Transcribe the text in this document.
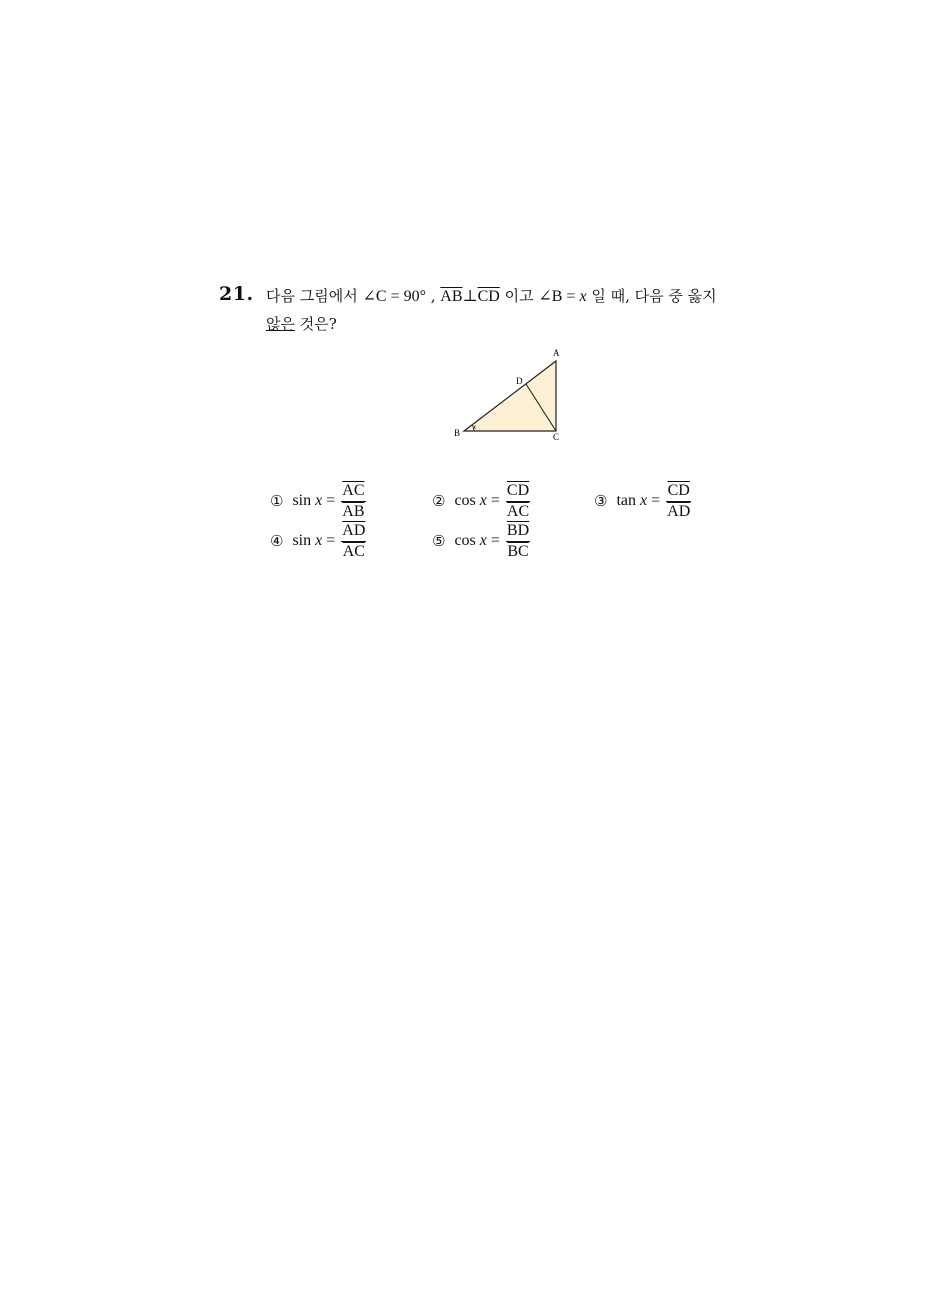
21. 다음 그림에서 ∠C = 90° , $\overline{AB}\perp\overline{CD}$ 이고 ∠B = x 일 때, 다음 중 옳지
않은 것은?
A
B	C
D
x
① $\sin x = \frac{\overline{AC}}{AB}$	② $\cos x = \frac{\overline{CD}}{AC}$	③ $\tan x = \frac{\overline{CD}}{AD}$
④ $\sin x = \frac{\overline{AD}}{AC}$	⑤ $\cos x = \frac{\overline{BD}}{BC}$
